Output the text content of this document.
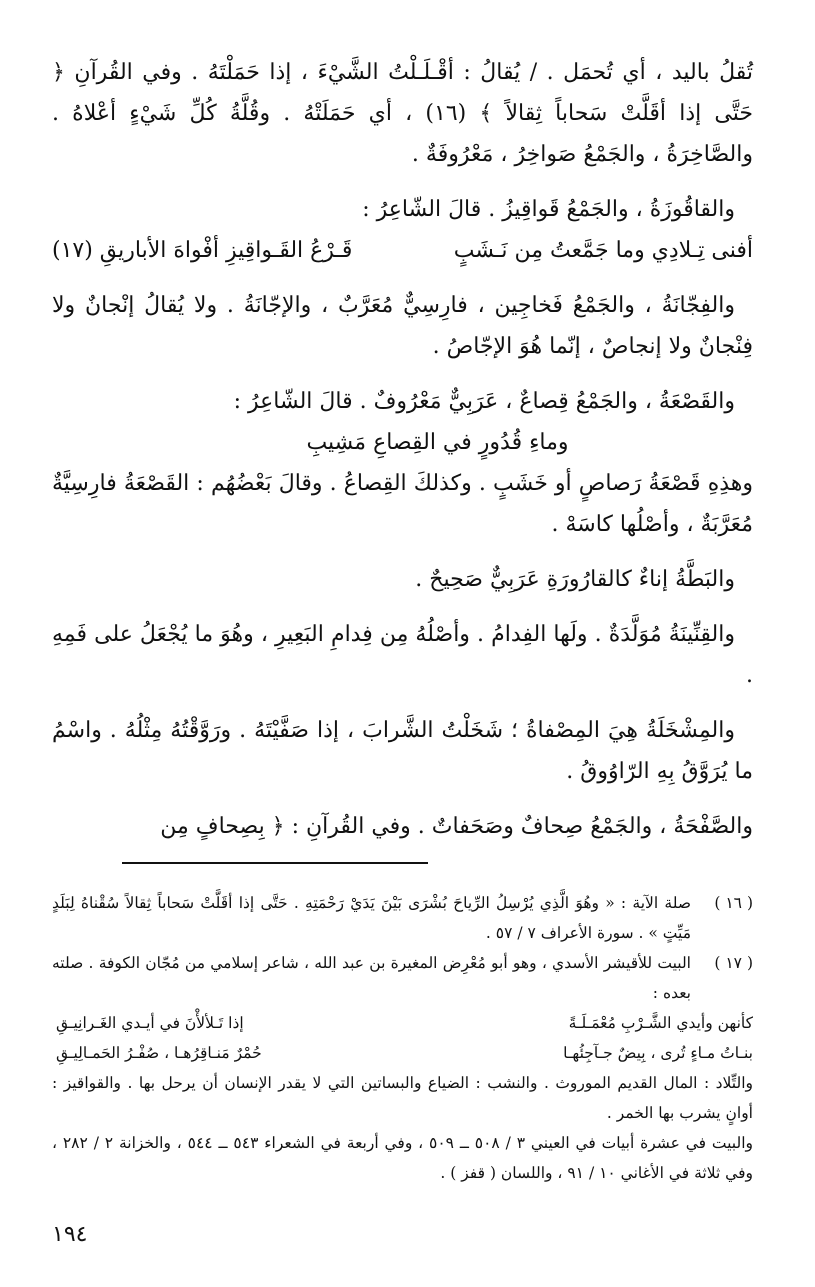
تُقلُ باليد ، أي تُحمَل . / يُقالُ : أقْـلَـلْتُ الشَّيْءَ ، إذا حَمَلْتَهُ . وفي القُرآنِ ﴿ حَتَّى إذا أقَلَّتْ سَحاباً ثِقالاً ﴾ (١٦) ، أي حَمَلَتْهُ . وقُلَّةُ كُلِّ شَيْءٍ أعْلاهُ . والصَّاخِرَةُ ، والجَمْعُ صَواخِرُ ، مَعْرُوفَةٌ .

والقاقُوزَةُ ، والجَمْعُ قَواقِيزُ . قالَ الشّاعِرُ :

أفنى تِـلادِي وما جَمَّعتُ مِن نَـشَبٍ
قَـرْعُ القَـواقِيزِ أفْواهَ الأباريقِ (١٧)

والفِجّانَةُ ، والجَمْعُ فَخاجِين ، فارِسِيٌّ مُعَرَّبٌ ، والإجّانَةُ . ولا يُقالُ إنْجانٌ ولا فِنْجانٌ ولا إنجاصٌ ، إنّما هُوَ الإجّاصُ .

والقَصْعَةُ ، والجَمْعُ قِصاعٌ ، عَرَبِيٌّ مَعْرُوفٌ . قالَ الشّاعِرُ :

وماءِ قُدُورٍ في القِصاعِ مَشِيبِ

وهذِهِ قَصْعَةُ رَصاصٍ أو خَشَبٍ . وكذلكَ القِصاعُ . وقالَ بَعْضُهُم : القَصْعَةُ فارِسِيَّةٌ مُعَرَّبَةٌ ، وأصْلُها كاسَهْ .

والبَطَّةُ إناءٌ كالقارُورَةِ عَرَبِيٌّ صَحِيحٌ .

والقِنِّينَةُ مُوَلَّدَةٌ . ولَها الفِدامُ . وأصْلُهُ مِن فِدامِ البَعِيرِ ، وهُوَ ما يُجْعَلُ على فَمِهِ .

والمِشْخَلَةُ هِيَ المِصْفاةُ ؛ شَخَلْتُ الشَّرابَ ، إذا صَفَّيْتَهُ . ورَوَّقْتُهُ مِثْلُهُ . واسْمُ ما يُرَوَّقُ بِهِ الرّاوُوقُ .

والصَّفْحَةُ ، والجَمْعُ صِحافٌ وصَحَفاتٌ . وفي القُرآنِ : ﴿ بِصِحافٍ مِن

( ١٦ )
صلة الآية : « وهُوَ الَّذِي يُرْسِلُ الرِّياحَ بُشْرَى بَيْنَ يَدَيْ رَحْمَتِهِ . حَتَّى إذا أقَلَّتْ سَحاباً ثِقالاً سُقْناهُ لِبَلَدٍ مَيِّتٍ » . سورة الأعراف ٧ / ٥٧ .
( ١٧ )
البيت للأقيشر الأسدي ، وهو أبو مُعْرِض المغيرة بن عبد الله ، شاعر إسلامي من مُجّان الكوفة . صلته بعده :
كأنهن وأيدي الشَّـرْبِ مُعْمَـلَـةً
إذا تَـلألأْنَ في أيـدي الغَـرانِيـقِ
بنـاتُ مـاءٍ تُرى ، بِيضٌ جـآجِئُهـا
حُمْرٌ مَنـاقِرُهـا ، صُفْـرُ الحَمـالِيـقِ
والتِّلاد : المال القديم الموروث . والنشب : الضياع والبساتين التي لا يقدر الإنسان أن يرحل بها . والقواقيز : أوانٍ يشرب بها الخمر .
والبيت في عشرة أبيات في العيني ٣ / ٥٠٨ ــ ٥٠٩ ، وفي أربعة في الشعراء ٥٤٣ ــ ٥٤٤ ، والخزانة ٢ / ٢٨٢ ، وفي ثلاثة في الأغاني ١٠ / ٩١ ، واللسان ( قفز ) .
١٩٤
